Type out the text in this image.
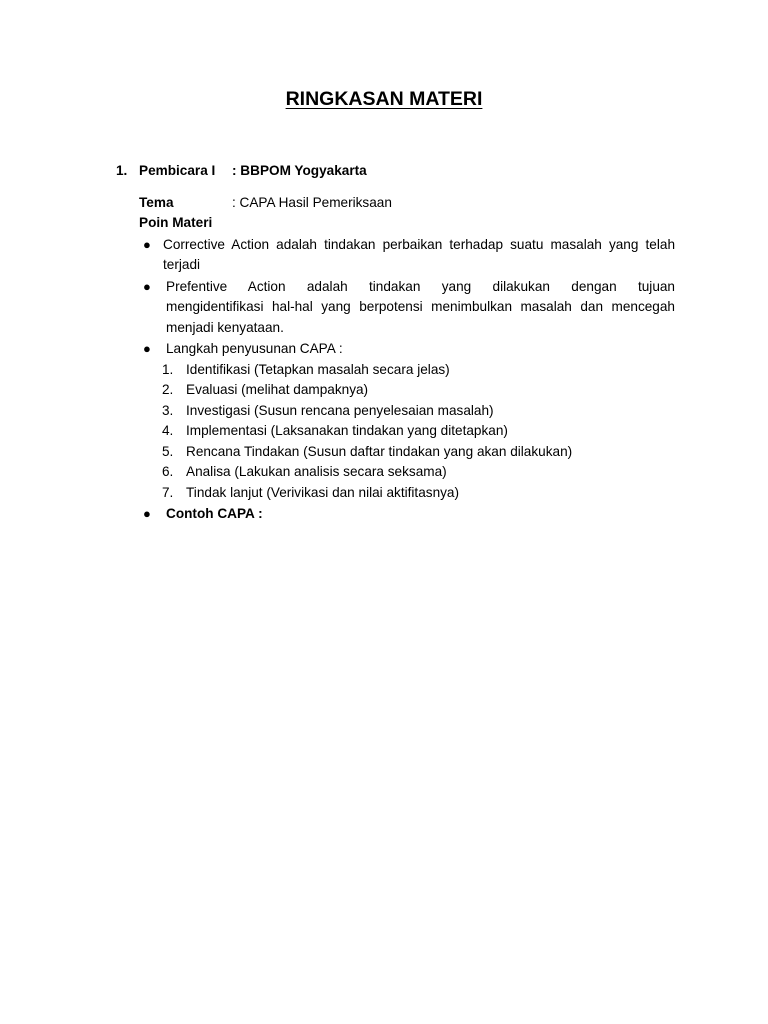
RINGKASAN MATERI
1. Pembicara I : BBPOM Yogyakarta
Tema	: CAPA Hasil Pemeriksaan
Poin Materi
● Corrective Action adalah tindakan perbaikan terhadap suatu masalah yang telah
terjadi
● Prefentive Action adalah tindakan yang dilakukan dengan tujuan
mengidentifikasi hal-hal yang berpotensi menimbulkan masalah dan mencegah
menjadi kenyataan.
● Langkah penyusunan CAPA :
1. Identifikasi (Tetapkan masalah secara jelas)
2. Evaluasi (melihat dampaknya)
3. Investigasi (Susun rencana penyelesaian masalah)
4. Implementasi (Laksanakan tindakan yang ditetapkan)
5. Rencana Tindakan (Susun daftar tindakan yang akan dilakukan)
6. Analisa (Lakukan analisis secara seksama)
7. Tindak lanjut (Verivikasi dan nilai aktifitasnya)
● Contoh CAPA :
